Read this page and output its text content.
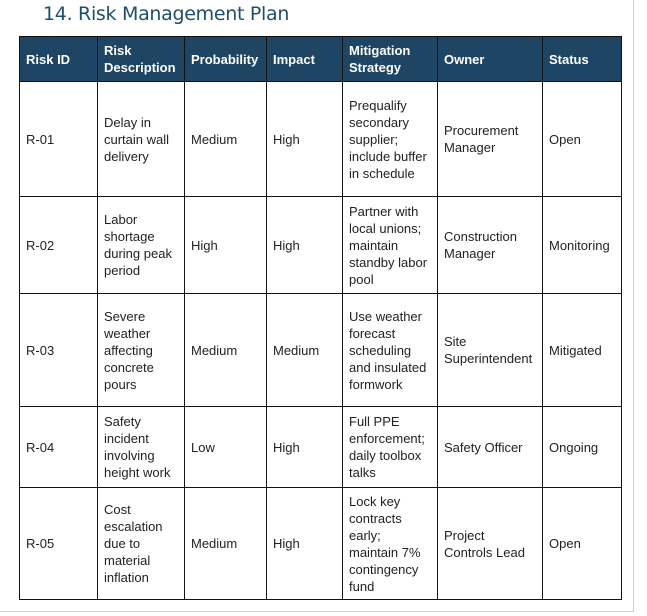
14. Risk Management Plan
Risk ID	Risk Description	Probability	Impact	Mitigation Strategy	Owner	Status
R-01	Delay in curtain wall delivery	Medium	High	Prequalify secondary supplier; include buffer in schedule	Procurement Manager	Open
R-02	Labor shortage during peak period	High	High	Partner with local unions; maintain standby labor pool	Construction Manager	Monitoring
R-03	Severe weather affecting concrete pours	Medium	Medium	Use weather forecast scheduling and insulated formwork	Site Superintendent	Mitigated
R-04	Safety incident involving height work	Low	High	Full PPE enforcement; daily toolbox talks	Safety Officer	Ongoing
R-05	Cost escalation due to material inflation	Medium	High	Lock key contracts early; maintain 7% contingency fund	Project Controls Lead	Open
